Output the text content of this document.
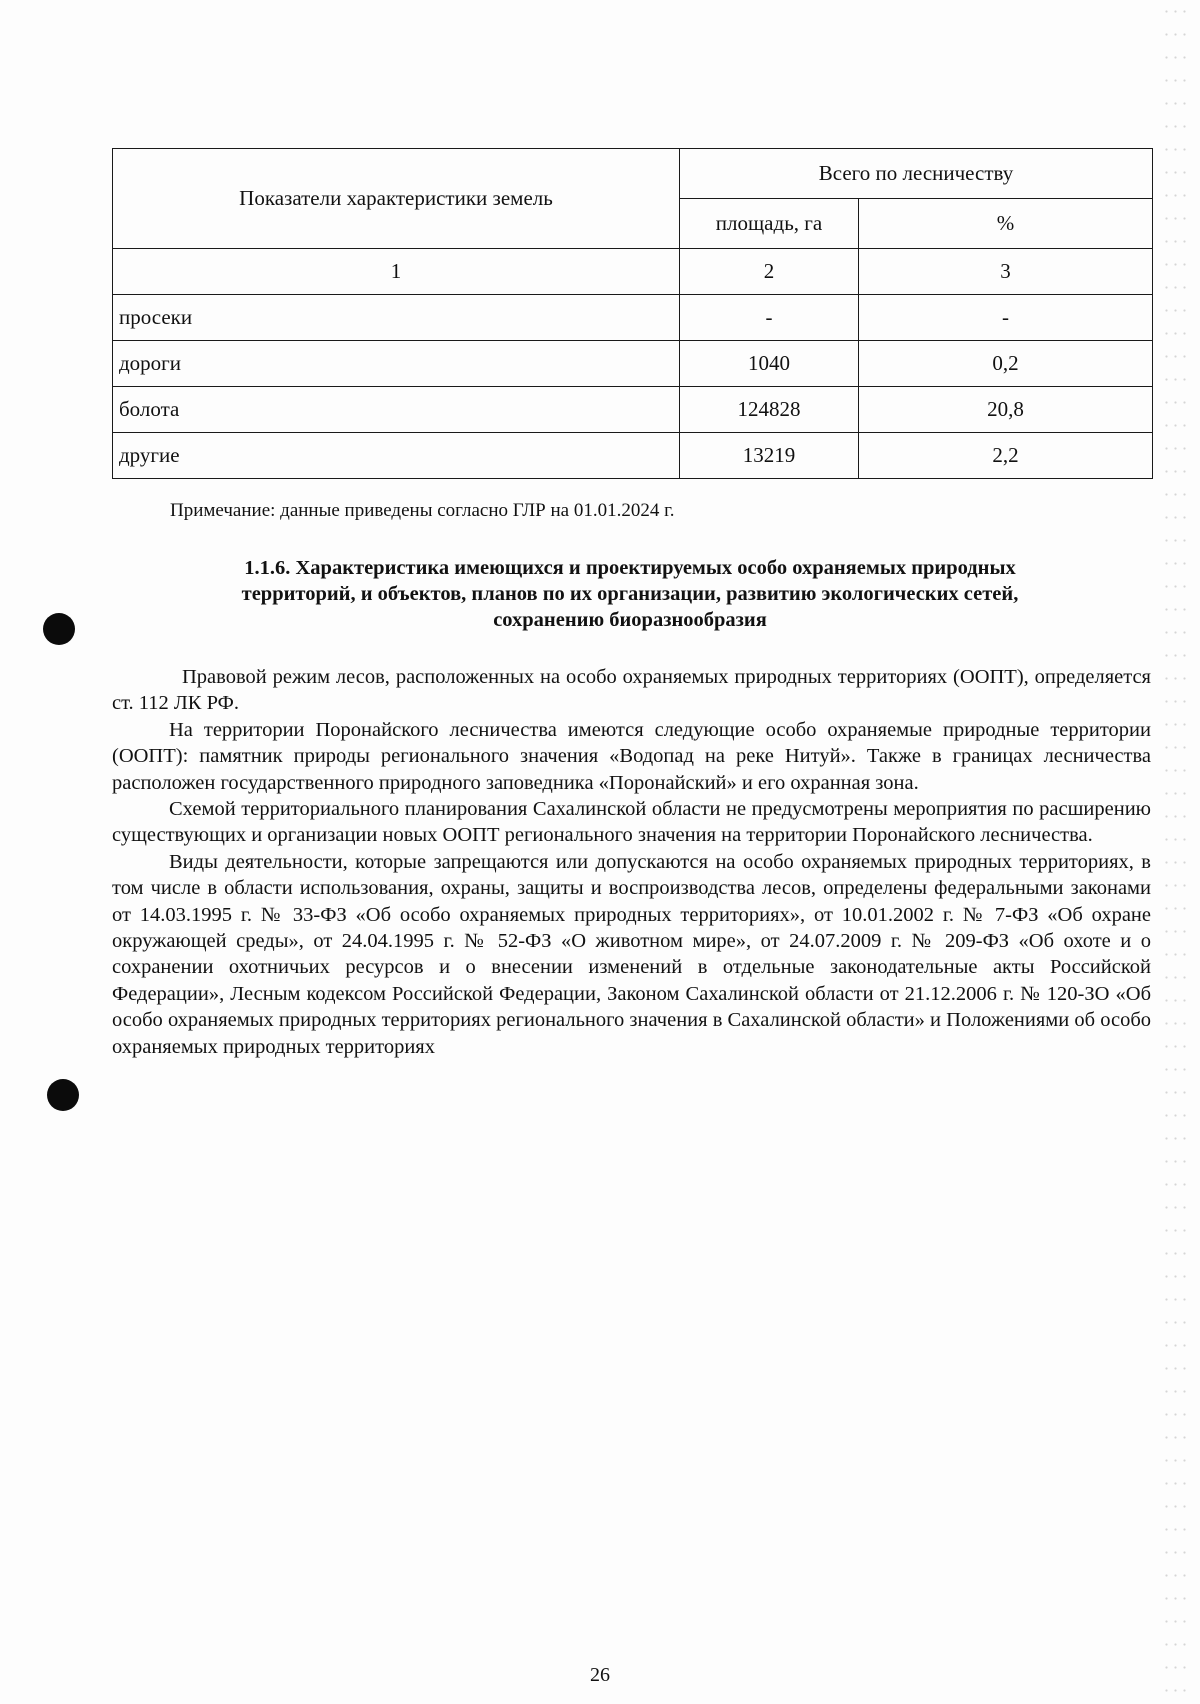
Показатели характеристики земель	Всего по лесничеству	
	площадь, га	%
1	2	3
просеки	-	-
дороги	1040	0,2
болота	124828	20,8
другие	13219	2,2
Примечание: данные приведены согласно ГЛР на 01.01.2024 г.
1.1.6. Характеристика имеющихся и проектируемых особо охраняемых природных
территорий, и объектов, планов по их организации, развитию экологических сетей,
сохранению биоразнообразия

Правовой режим лесов, расположенных на особо охраняемых природных территориях (ООПТ), определяется ст. 112 ЛК РФ.

На территории Поронайского лесничества имеются следующие особо охраняемые природные территории (ООПТ): памятник природы регионального значения «Водопад на реке Нитуй». Также в границах лесничества расположен государственного природного заповедника «Поронайский» и его охранная зона.

Схемой территориального планирования Сахалинской области не предусмотрены мероприятия по расширению существующих и организации новых ООПТ регионального значения на территории Поронайского лесничества.

Виды деятельности, которые запрещаются или допускаются на особо охраняемых природных территориях, в том числе в области использования, охраны, защиты и воспроизводства лесов, определены федеральными законами от 14.03.1995 г. № 33-ФЗ «Об особо охраняемых природных территориях», от 10.01.2002 г. № 7-ФЗ «Об охране окружающей среды», от 24.04.1995 г. № 52-ФЗ «О животном мире», от 24.07.2009 г. № 209-ФЗ «Об охоте и о сохранении охотничьих ресурсов и о внесении изменений в отдельные законодательные акты Российской Федерации», Лесным кодексом Российской Федерации, Законом Сахалинской области от 21.12.2006 г. № 120-ЗО «Об особо охраняемых природных территориях регионального значения в Сахалинской области» и Положениями об особо охраняемых природных территориях

26
